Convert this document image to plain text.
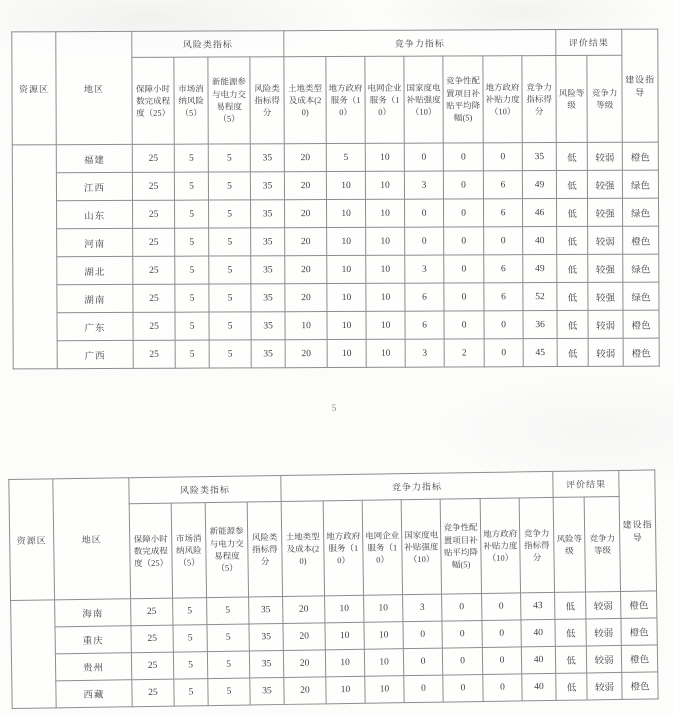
资源区	地区	风险类指标				竞争力指标							评价结果		建设指导
		保障小时数完成程度（25）	市场消纳风险（5）	新能源参与电力交易程度（5）	风险类指标得分	土地类型及成本(20)	地方政府服务（10）	电网企业服务（10）	国家度电补贴强度（10）	竞争性配置项目补贴平均降幅(5)	地方政府补贴力度（10）	竞争力指标得分	风险等级	竞争力等级	
	福建	25	5	5	35	20	5	10	0	0	0	35	低	较弱	橙色
	江西	25	5	5	35	20	10	10	3	0	6	49	低	较强	绿色
	山东	25	5	5	35	20	10	10	0	0	6	46	低	较强	绿色
	河南	25	5	5	35	20	10	10	0	0	0	40	低	较弱	橙色
	湖北	25	5	5	35	20	10	10	3	0	6	49	低	较强	绿色
	湖南	25	5	5	35	20	10	10	6	0	6	52	低	较强	绿色
	广东	25	5	5	35	10	10	10	6	0	0	36	低	较弱	橙色
	广西	25	5	5	35	20	10	10	3	2	0	45	低	较弱	橙色
5
资源区	地区	风险类指标				竞争力指标							评价结果		建设指导
		保障小时数完成程度（25）	市场消纳风险（5）	新能源参与电力交易程度（5）	风险类指标得分	土地类型及成本(20)	地方政府服务（10）	电网企业服务（10）	国家度电补贴强度（10）	竞争性配置项目补贴平均降幅(5)	地方政府补贴力度（10）	竞争力指标得分	风险等级	竞争力等级	
	海南	25	5	5	35	20	10	10	3	0	0	43	低	较弱	橙色
	重庆	25	5	5	35	20	10	10	0	0	0	40	低	较弱	橙色
	贵州	25	5	5	35	20	10	10	0	0	0	40	低	较弱	橙色
	西藏	25	5	5	35	20	10	10	0	0	0	40	低	较弱	橙色
